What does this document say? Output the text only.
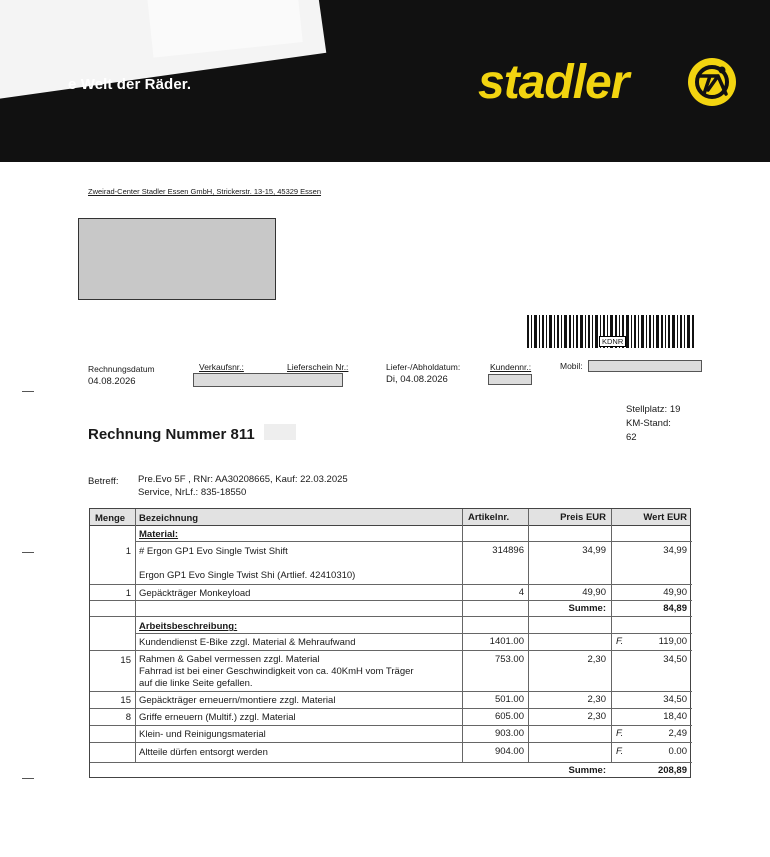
e Welt der Räder.	stadler
Zweirad-Center Stadler Essen GmbH, Strickerstr. 13-15, 45329 Essen
KDNR
Rechnungsdatum
04.08.2026
Verkaufsnr.:	Lieferschein Nr.:	Liefer-/Abholdatum:
Di, 04.08.2026
Kundennr.:	Mobil:
Rechnung Nummer 811
Stellplatz: 19
KM-Stand:
62
Betreff: Pre.Evo 5F , RNr: AA30208665, Kauf: 22.03.2025
Service, NrLf.: 835-18550
Menge Bezeichnung	Artikelnr.	Preis EUR	Wert EUR
Material:
1 # Ergon GP1 Evo Single Twist Shift
Ergon GP1 Evo Single Twist Shi (Artlief. 42410310)
314896	34,99	34,99
1 Gepäckträger Monkeyload	4	49,90	49,90
Summe:	84,89
Arbeitsbeschreibung:
Kundendienst E-Bike zzgl. Material & Mehraufwand	1401.00	F.	119,00
15 Rahmen & Gabel vermessen zzgl. Material
Fahrrad ist bei einer Geschwindigkeit von ca. 40KmH vom Träger
auf die linke Seite gefallen.
753.00	2,30	34,50
15 Gepäckträger erneuern/montiere zzgl. Material	501.00	2,30	34,50
8 Griffe erneuern (Multif.) zzgl. Material	605.00	2,30	18,40
Klein- und Reinigungsmaterial	903.00	F.	2,49
Altteile dürfen entsorgt werden	904.00	F.	0.00
Summe:	208,89
